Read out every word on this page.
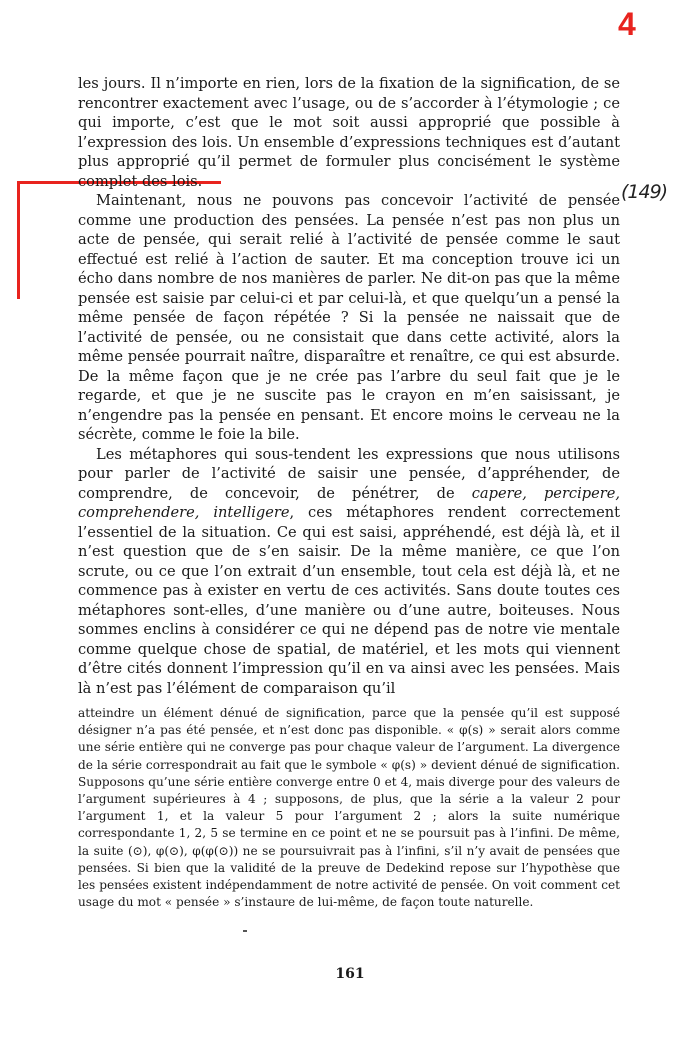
4
(149)

les jours. Il n’importe en rien, lors de la fixation de la signification, de se rencontrer exactement avec l’usage, ou de s’accorder à l’étymologie ; ce qui importe, c’est que le mot soit aussi approprié que possible à l’expression des lois. Un ensemble d’expressions techniques est d’autant plus approprié qu’il permet de formuler plus concisément le système complet des lois.

Maintenant, nous ne pouvons pas concevoir l’activité de pensée comme une production des pensées. La pensée n’est pas non plus un acte de pensée, qui serait relié à l’activité de pensée comme le saut effectué est relié à l’action de sauter. Et ma conception trouve ici un écho dans nombre de nos manières de parler. Ne dit-on pas que la même pensée est saisie par celui-ci et par celui-là, et que quelqu’un a pensé la même pensée de façon répétée ? Si la pensée ne naissait que de l’activité de pensée, ou ne consistait que dans cette activité, alors la même pensée pourrait naître, disparaître et renaître, ce qui est absurde. De la même façon que je ne crée pas l’arbre du seul fait que je le regarde, et que je ne suscite pas le crayon en m’en saisissant, je n’engendre pas la pensée en pensant. Et encore moins le cerveau ne la sécrète, comme le foie la bile.

Les métaphores qui sous-tendent les expressions que nous utilisons pour parler de l’activité de saisir une pensée, d’appréhender, de comprendre, de concevoir, de pénétrer, de capere, percipere, comprehendere, intelligere, ces métaphores rendent correctement l’essentiel de la situation. Ce qui est saisi, appréhendé, est déjà là, et il n’est question que de s’en saisir. De la même manière, ce que l’on scrute, ou ce que l’on extrait d’un ensemble, tout cela est déjà là, et ne commence pas à exister en vertu de ces activités. Sans doute toutes ces métaphores sont-elles, d’une manière ou d’une autre, boiteuses. Nous sommes enclins à considérer ce qui ne dépend pas de notre vie mentale comme quelque chose de spatial, de matériel, et les mots qui viennent d’être cités donnent l’impression qu’il en va ainsi avec les pensées. Mais là n’est pas l’élément de comparaison qu’il

atteindre un élément dénué de signification, parce que la pensée qu’il est supposé désigner n’a pas été pensée, et n’est donc pas disponible. « φ(s) » serait alors comme une série entière qui ne converge pas pour chaque valeur de l’argument. La divergence de la série correspondrait au fait que le symbole « φ(s) » devient dénué de signification. Supposons qu’une série entière converge entre 0 et 4, mais diverge pour des valeurs de l’argument supérieures à 4 ; supposons, de plus, que la série a la valeur 2 pour l’argument 1, et la valeur 5 pour l’argument 2 ; alors la suite numérique correspondante 1, 2, 5 se termine en ce point et ne se poursuit pas à l’infini. De même, la suite (⊙), φ(⊙), φ(φ(⊙)) ne se poursuivrait pas à l’infini, s’il n’y avait de pensées que pensées. Si bien que la validité de la preuve de Dedekind repose sur l’hypothèse que les pensées existent indépendamment de notre activité de pensée. On voit comment cet usage du mot « pensée » s’instaure de lui-même, de façon toute naturelle.

161
